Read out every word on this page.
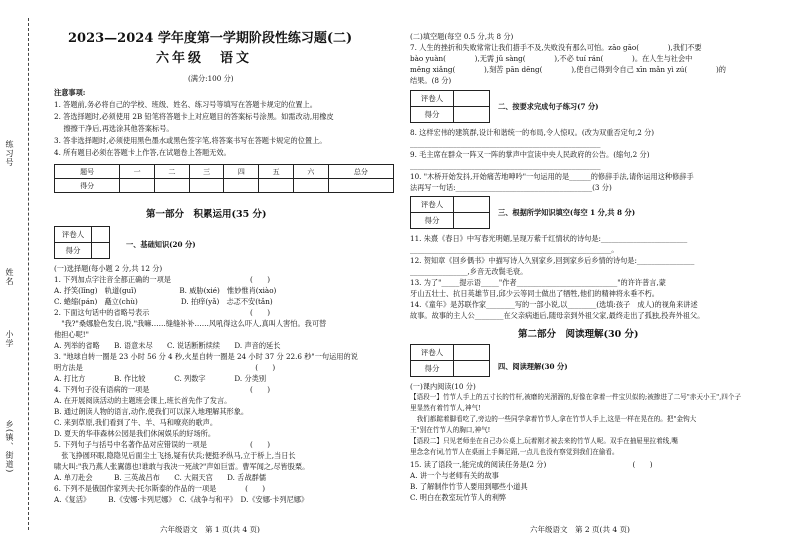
练习号
姓名
小学
乡(镇、街道)
2023—2024 学年度第一学期阶段性练习题(二)
六年级　语文
(满分:100 分)
注意事项:
1. 答题前,务必将自己的学校、班级、姓名、练习号等填写在答题卡规定的位置上。
2. 答选择题时,必须使用 2B 铅笔将答题卡上对应题目的答案标号涂黑。如需改动,用橡皮
　 擦擦干净后,再选涂其他答案标号。
3. 答非选择题时,必须使用黑色墨水或黑色签字笔,将答案书写在答题卡规定的位置上。
4. 所有题目必须在答题卡上作答,在试题卷上答题无效。
题号	一	二	三	四	五	六	总分
得分							
第一部分　积累运用(35 分)
评卷人	
得分	
一、基础知识(20 分)
(一)选择题(每小题 2 分,共 12 分)
1. 下列加点字注音全都正确的一项是　　　　　　　　　　　(　　)
A. 抒笑(lǐng)　轨道(guǐ)　　　　　　B. 威胁(xié)　惟妙惟肖(xiào)
C. 蜷缩(pán)　矗立(chù)　　　　　　D. 拍痒(yǎ)　忐忑不安(tǎn)
2. 下面这句话中的省略号表示　　　　　　　　　　　　　　(　　)
　"我?"桑娜脸色发白,说,"我嘛……缝缝补补……风吼得这么吓人,真叫人害怕。我可替
他担心呢!"
A. 列举的省略　　B. 语意未尽　　C. 说话断断续续　　D. 声音的延长
3. "地球自转一圈是 23 小时 56 分 4 秒,火星自转一圈是 24 小时 37 分 22.6 秒"一句运用的说
明方法是　　　　　　　　　　　　　　　　　　　　　　　　(　　)
A. 打比方　　　　B. 作比较　　　　C. 列数字　　　　D. 分类别
4. 下列句子没有语病的一项是　　　　　　　　　　　　　　(　　)
A. 在开展阅读活动的主题班会课上,班长首先作了发言。
B. 通过朗读人物的语言,动作,使我们可以深入地理解其形象。
C. 来到草原,我们看到了牛、羊、马和嘹亮的歌声。
D. 夏天的华菲森林公园是我们休闲娱乐的好场所。
5. 下列句子与括号中名著作品对应错误的一项是　　　　　　(　　)
　张飞挣圆环眼,隐隐见后面尘土飞扬,疑有伏兵;便挺矛纵马,立于桥上,当日长
啸大叫:"我乃燕人张翼德也!谁敢与我决一死战?"声如巨雷。曹军闻之,尽皆股栗。
A. 单刀赴会　　　B. 三英战吕布　　C. 大闹天宫　　D. 舌战群儒
6. 下列不是俄国作家列夫·托尔斯泰的作品的一项是　　　　(　　)
A.《复活》　　　B.《安娜·卡列尼娜》　C.《战争与和平》　D.《安娜·卡列尼娜》
六年级语文　第 1 页(共 4 页)
(二)填空题(每空 0.5 分,共 8 分)
7. 人生的挫折和失败常常让我们措手不及,失败没有那么可怕。zāo gāo(　　　　),我们不要
bào yuàn(　　　　),无需 jǔ sàng(　　　　),不必 tuí rán(　　　　)。在人生与社会中
měng xiǎng(　　　　),刻苦 pān dēng(　　　　),使自己得到令自己 xīn mǎn yì zú(　　　　)的
结果。(8 分)
评卷人	
得分	
二、按要求完成句子练习(7 分)
8. 这样宏伟的建筑群,设计和谐统一的布局,令人惊叹。(改为双重否定句,2 分)
_____________________________________________________
9. 毛主席在群众一阵又一阵的掌声中宣读中央人民政府的公告。(缩句,2 分)
_____________________________________________________
10. "木桥开始发抖,开始痛苦地呻吟"一句运用的是______的修辞手法,请你运用这种修辞手
法再写一句话:______________________________________(3 分)
评卷人	
得分	
三、根据所学知识填空(每空 1 分,共 8 分)
11. 朱熹《春日》中写春光明媚,呈现万紫千红情状的诗句是:________________________
________________________________________________________。
12. 贺知章《回乡偶书》中描写诗人久别家乡,回到家乡后乡情的诗句是:________________
________________,乡音无改鬓毛衰。
13. 为了"_____提示语_____"作者____________________________"的许许普言,蒙
牙山五壮士、抗日英雄节目,邱少云等同士做出了牺牲,他们的精神将永垂不朽。
14.《童年》是苏联作家________写的一部小说,以________(选填:孩子　成人)的视角来讲述
故事。故事的主人公________在父亲病逝后,随母亲到外祖父家,最终走出了孤独,投奔外祖父。
第二部分　阅读理解(30 分)
评卷人	
得分		四、阅读理解(30 分)
(一)课内阅读(10 分)
【语段一】竹节人手上的五寸长的竹杆,被磨的光溜溜的,好像在拿着一件宝贝似的;被掺进了二号"赤天小王",四个子
里显然有着竹节人,神气!
　我们都踮着脚看吃了,旁边的一些同学拿着竹节人,拿在竹节人手上,这是一样在晃在的。把"金钩大
王"别在竹节人的胸口,神气!
【语段二】只见老师坐在自己办公桌上,玩着刚才被去来的竹节人呢。双手在抽屉里拉着线,嘴
里念念有词,竹节人在桌面上手舞足蹈,一点儿也没有察觉到我们在偷看。
15. 读了语段一,能完成的阅读任务是(2 分)　　　　　　　　　　　　(　　)
A. 讲一个与老师有关的故事
B. 了解制作竹节人要用到哪些小道具
C. 明白在教室玩竹节人的利弊
六年级语文　第 2 页(共 4 页)
